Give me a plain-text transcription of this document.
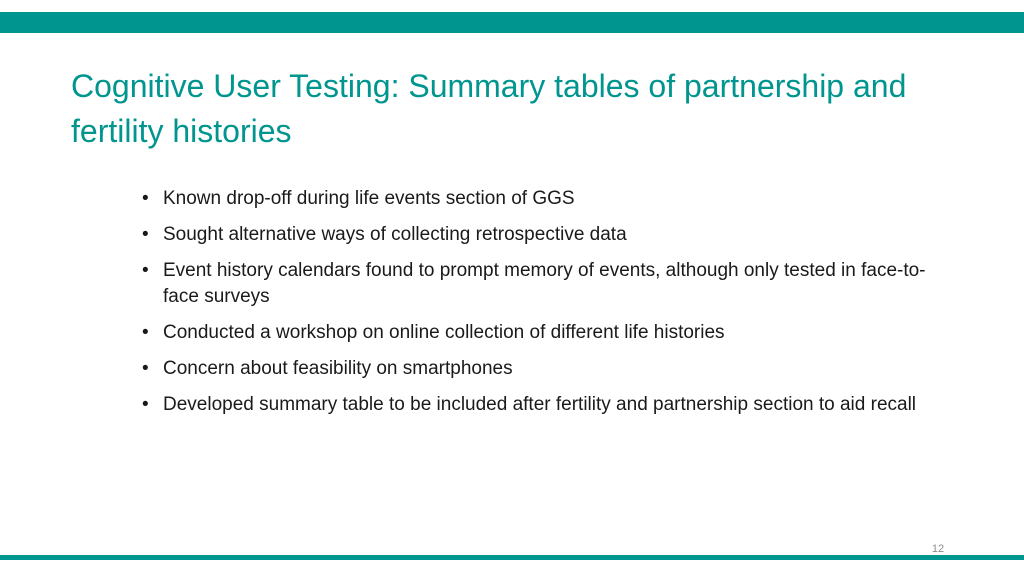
Cognitive User Testing: Summary tables of partnership and fertility histories
• Known drop-off during life events section of GGS
• Sought alternative ways of collecting retrospective data
• Event history calendars found to prompt memory of events, although only tested in face-to-face surveys
• Conducted a workshop on online collection of different life histories
• Concern about feasibility on smartphones
• Developed summary table to be included after fertility and partnership section to aid recall
12
